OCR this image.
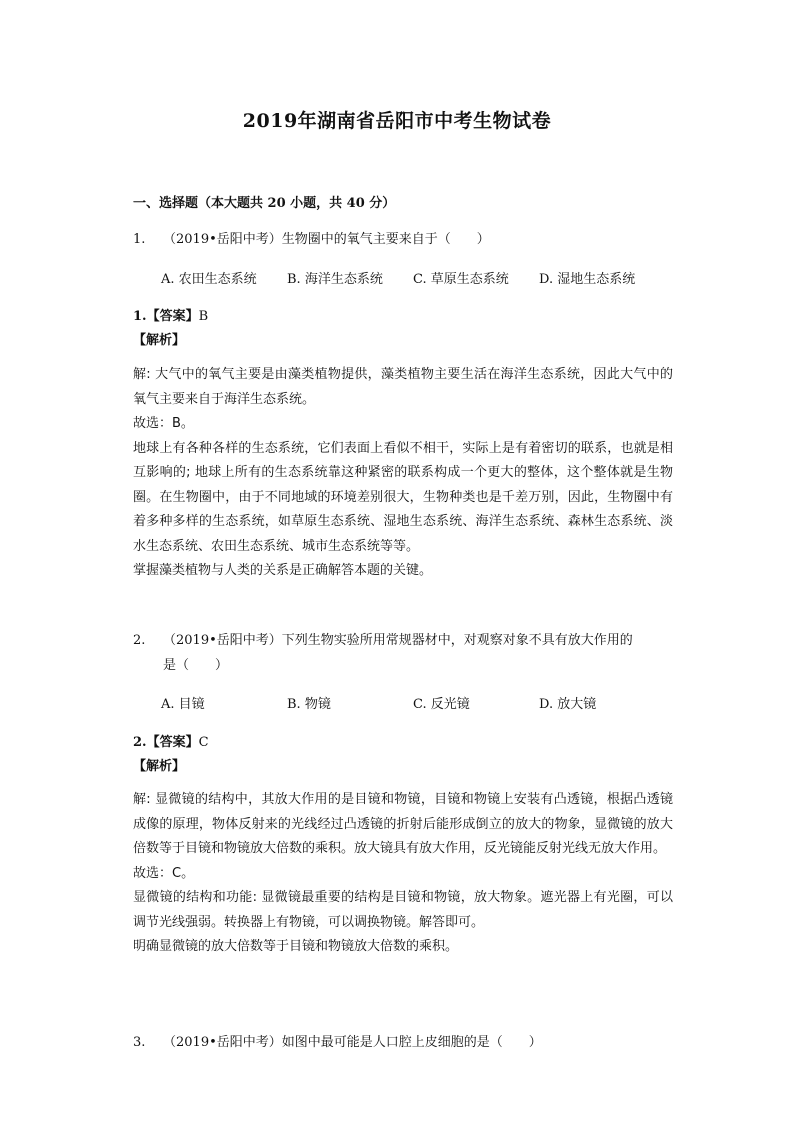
2019年湖南省岳阳市中考生物试卷
一、选择题（本大题共 20 小题，共 40 分）
1. （2019•岳阳中考）生物圈中的氧气主要来自于（　　）
A. 农田生态系统	B. 海洋生态系统	C. 草原生态系统	D. 湿地生态系统
1.【答案】B
【解析】

解: 大气中的氧气主要是由藻类植物提供，藻类植物主要生活在海洋生态系统，因此大气中的氧气主要来自于海洋生态系统。

故选：B。

地球上有各种各样的生态系统，它们表面上看似不相干，实际上是有着密切的联系，也就是相互影响的; 地球上所有的生态系统靠这种紧密的联系构成一个更大的整体，这个整体就是生物圈。在生物圈中，由于不同地域的环境差别很大，生物种类也是千差万别，因此，生物圈中有着多种多样的生态系统，如草原生态系统、湿地生态系统、海洋生态系统、森林生态系统、淡水生态系统、农田生态系统、城市生态系统等等。

掌握藻类植物与人类的关系是正确解答本题的关键。

2. （2019•岳阳中考）下列生物实验所用常规器材中，对观察对象不具有放大作用的
是（　　）
A. 目镜	B. 物镜	C. 反光镜	D. 放大镜
2.【答案】C
【解析】

解: 显微镜的结构中，其放大作用的是目镜和物镜，目镜和物镜上安装有凸透镜，根据凸透镜成像的原理，物体反射来的光线经过凸透镜的折射后能形成倒立的放大的物象，显微镜的放大倍数等于目镜和物镜放大倍数的乘积。放大镜具有放大作用，反光镜能反射光线无放大作用。

故选：C。

显微镜的结构和功能: 显微镜最重要的结构是目镜和物镜，放大物象。遮光器上有光圈，可以调节光线强弱。转换器上有物镜，可以调换物镜。解答即可。

明确显微镜的放大倍数等于目镜和物镜放大倍数的乘积。

3. （2019•岳阳中考）如图中最可能是人口腔上皮细胞的是（　　）
